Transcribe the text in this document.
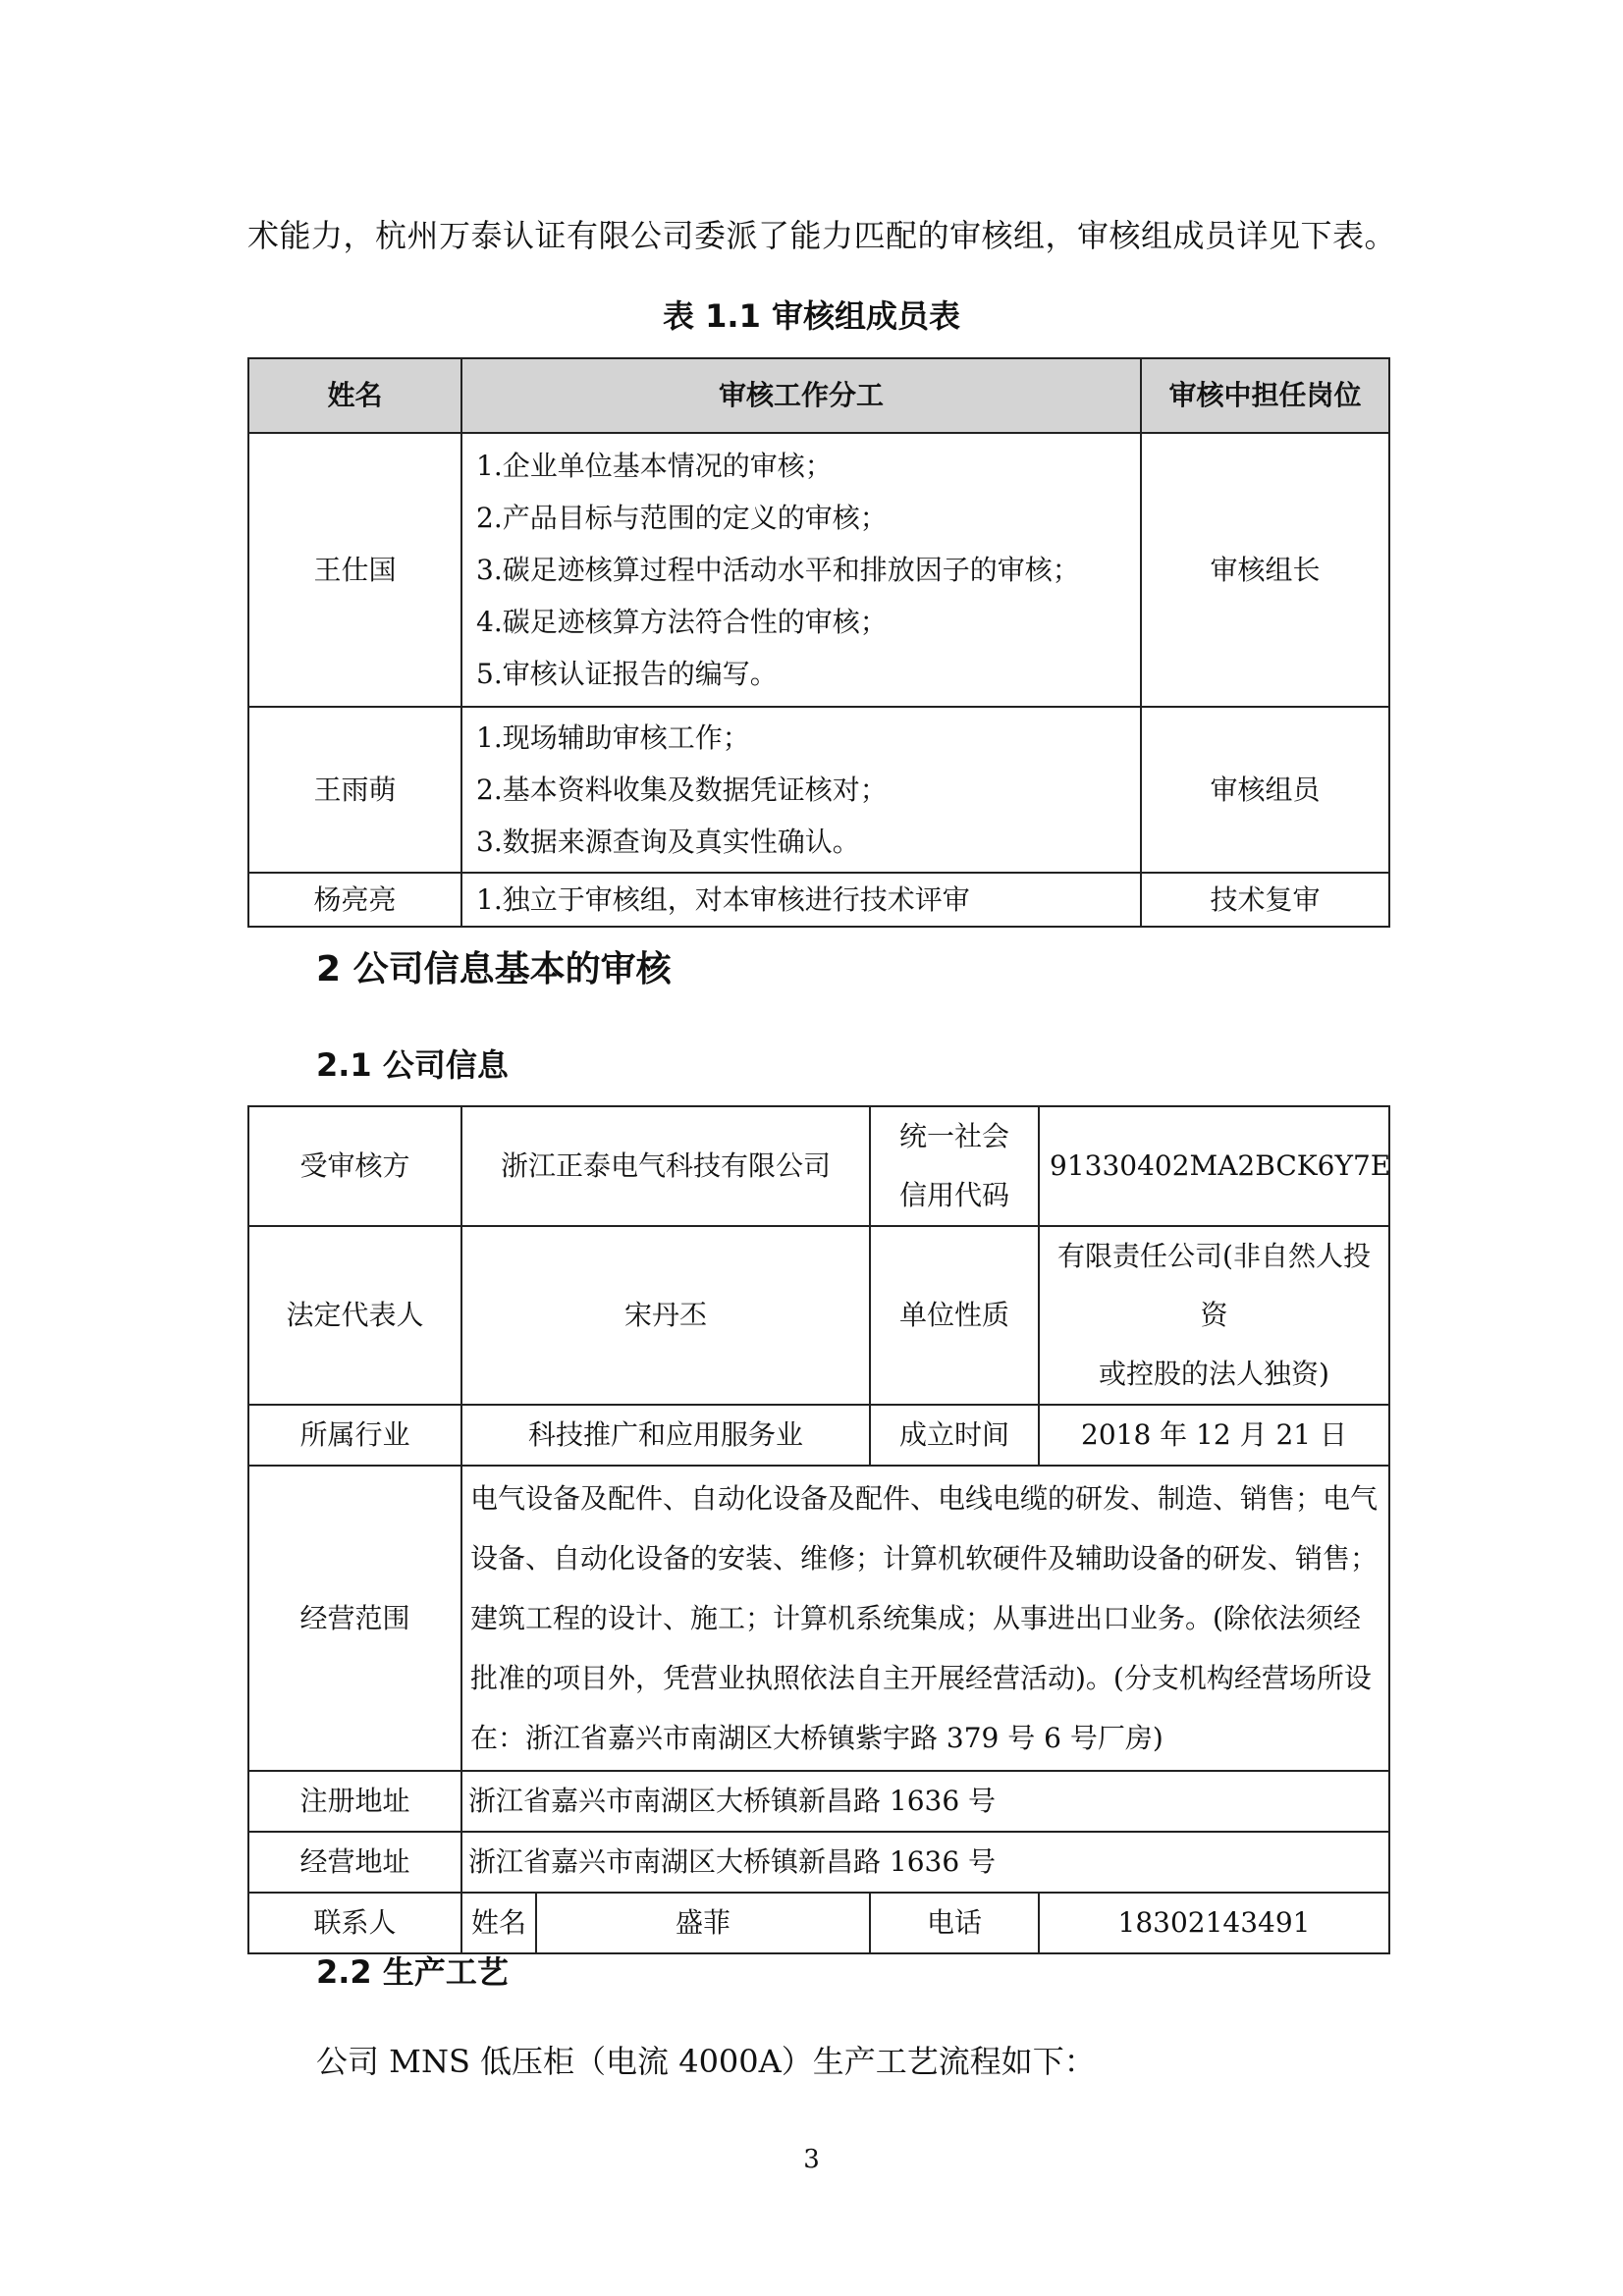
术能力，杭州万泰认证有限公司委派了能力匹配的审核组，审核组成员详见下表。
表 1.1 审核组成员表
姓名	审核工作分工	审核中担任岗位
王仕国	1.企业单位基本情况的审核；
2.产品目标与范围的定义的审核；
3.碳足迹核算过程中活动水平和排放因子的审核；
4.碳足迹核算方法符合性的审核；
5.审核认证报告的编写。	审核组长
王雨萌	1.现场辅助审核工作；
2.基本资料收集及数据凭证核对；
3.数据来源查询及真实性确认。	审核组员
杨亮亮	1.独立于审核组，对本审核进行技术评审	技术复审
2 公司信息基本的审核
2.1 公司信息
受审核方	浙江正泰电气科技有限公司		统一社会
信用代码	91330402MA2BCK6Y7E
法定代表人	宋丹丕		单位性质	有限责任公司(非自然人投资
或控股的法人独资)

所属行业	科技推广和应用服务业		成立时间	2018 年 12 月 21 日
经营范围	电气设备及配件、自动化设备及配件、电线电缆的研发、制造、销售；电气设备、自动化设备的安装、维修；计算机软硬件及辅助设备的研发、销售；建筑工程的设计、施工；计算机系统集成；从事进出口业务。(除依法须经批准的项目外，凭营业执照依法自主开展经营活动)。(分支机构经营场所设在：浙江省嘉兴市南湖区大桥镇紫宇路 379 号 6 号厂房)			
注册地址	浙江省嘉兴市南湖区大桥镇新昌路 1636 号			
经营地址	浙江省嘉兴市南湖区大桥镇新昌路 1636 号			
联系人	姓名	盛菲	电话	18302143491
2.2 生产工艺
公司 MNS 低压柜（电流 4000A）生产工艺流程如下：
3
